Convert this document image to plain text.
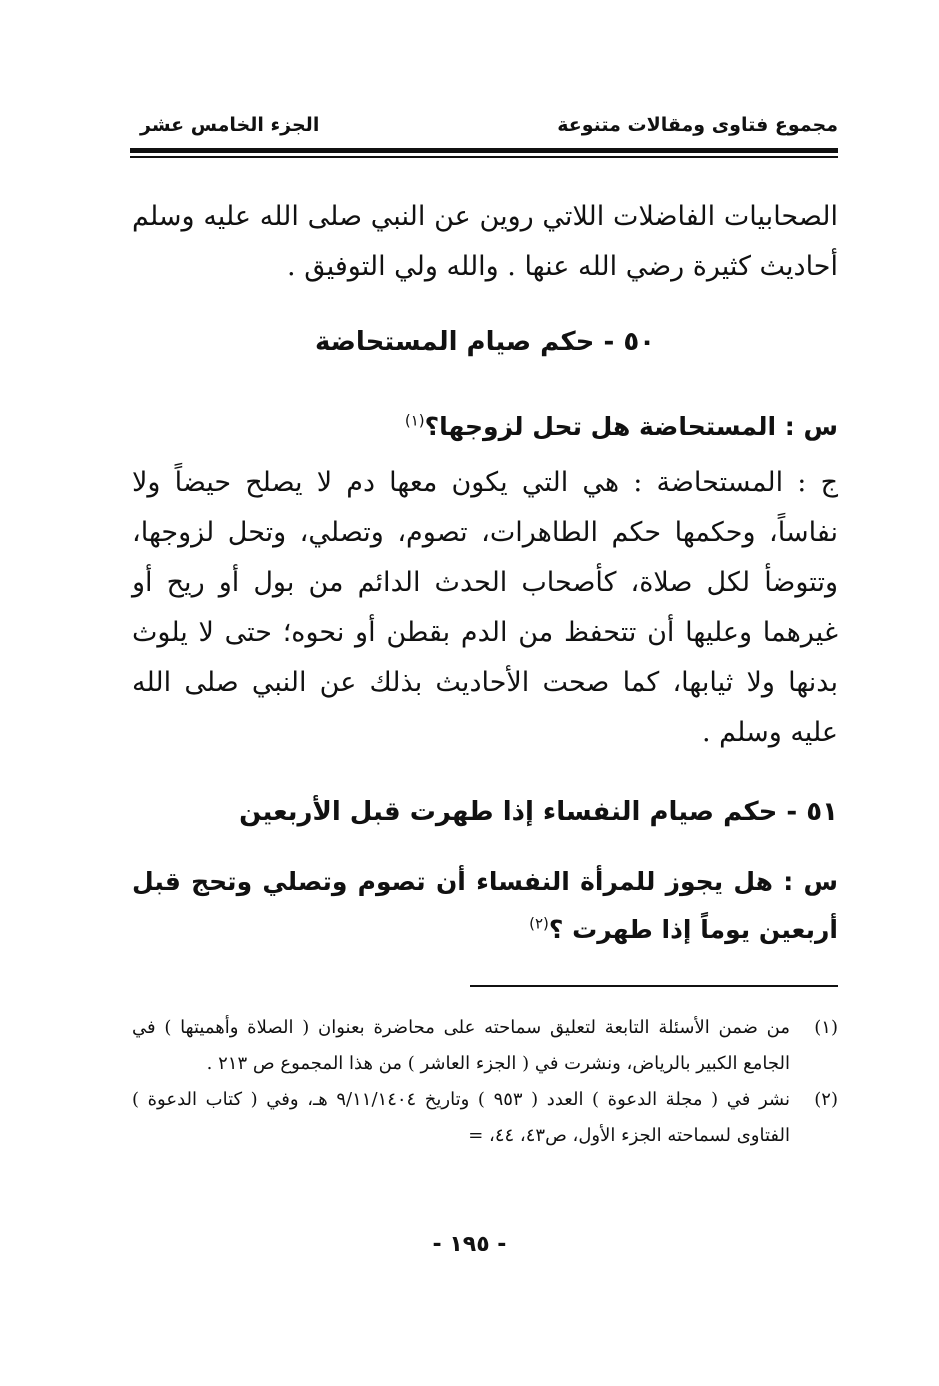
مجموع فتاوى ومقالات متنوعة
الجزء الخامس عشر
الصحابيات الفاضلات اللاتي روين عن النبي صلى الله عليه وسلم أحاديث كثيرة رضي الله عنها . والله ولي التوفيق .
٥٠ - حكم صيام المستحاضة
س : المستحاضة هل تحل لزوجها؟$^{(١)}$
ج : المستحاضة : هي التي يكون معها دم لا يصلح حيضاً ولا نفاساً، وحكمها حكم الطاهرات، تصوم، وتصلي، وتحل لزوجها، وتتوضأ لكل صلاة، كأصحاب الحدث الدائم من بول أو ريح أو غيرهما وعليها أن تتحفظ من الدم بقطن أو نحوه؛ حتى لا يلوث بدنها ولا ثيابها، كما صحت الأحاديث بذلك عن النبي صلى الله عليه وسلم .
٥١ - حكم صيام النفساء إذا طهرت قبل الأربعين
س : هل يجوز للمرأة النفساء أن تصوم وتصلي وتحج قبل أربعين يوماً إذا طهرت ؟$^{(٢)}$
(١)
من ضمن الأسئلة التابعة لتعليق سماحته على محاضرة بعنوان ( الصلاة وأهميتها ) في الجامع الكبير بالرياض، ونشرت في ( الجزء العاشر ) من هذا المجموع ص ٢١٣ .
(٢)
نشر في ( مجلة الدعوة ) العدد ( ٩٥٣ ) وتاريخ ٩/١١/١٤٠٤ هـ، وفي ( كتاب الدعوة ) الفتاوى لسماحته الجزء الأول، ص٤٣، ٤٤، =
- ١٩٥ -
